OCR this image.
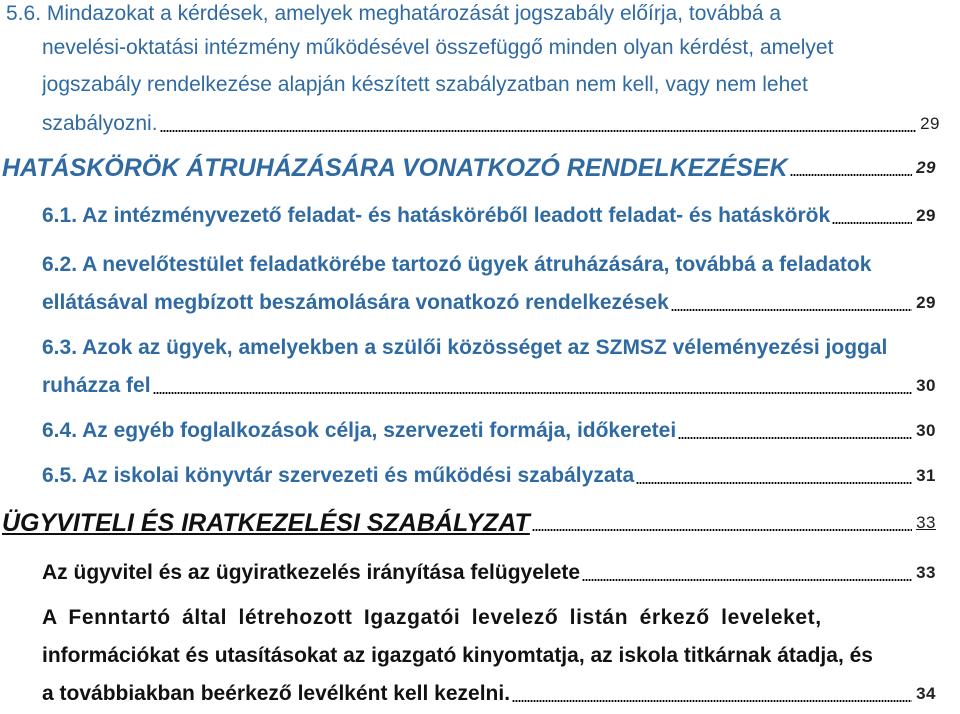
5.6. Mindazokat a kérdések, amelyek meghatározását jogszabály előírja, továbbá a
nevelési-oktatási intézmény működésével összefüggő minden olyan kérdést, amelyet
jogszabály rendelkezése alapján készített szabályzatban nem kell, vagy nem lehet
szabályozni.	29
HATÁSKÖRÖK ÁTRUHÁZÁSÁRA VONATKOZÓ RENDELKEZÉSEK	29
6.1. Az intézményvezető feladat- és hatásköréből leadott feladat- és hatáskörök	29
6.2. A nevelőtestület feladatkörébe tartozó ügyek átruházására, továbbá a feladatok
ellátásával megbízott beszámolására vonatkozó rendelkezések	29
6.3. Azok az ügyek, amelyekben a szülői közösséget az SZMSZ véleményezési joggal
ruházza fel	30
6.4. Az egyéb foglalkozások célja, szervezeti formája, időkeretei	30
6.5. Az iskolai könyvtár szervezeti és működési szabályzata	31
ÜGYVITELI ÉS IRATKEZELÉSI SZABÁLYZAT	33
Az ügyvitel és az ügyiratkezelés irányítása felügyelete	33
A Fenntartó által létrehozott Igazgatói levelező listán érkező leveleket,
információkat és utasításokat az igazgató kinyomtatja, az iskola titkárnak átadja, és
a továbbiakban beérkező levélként kell kezelni.	34
